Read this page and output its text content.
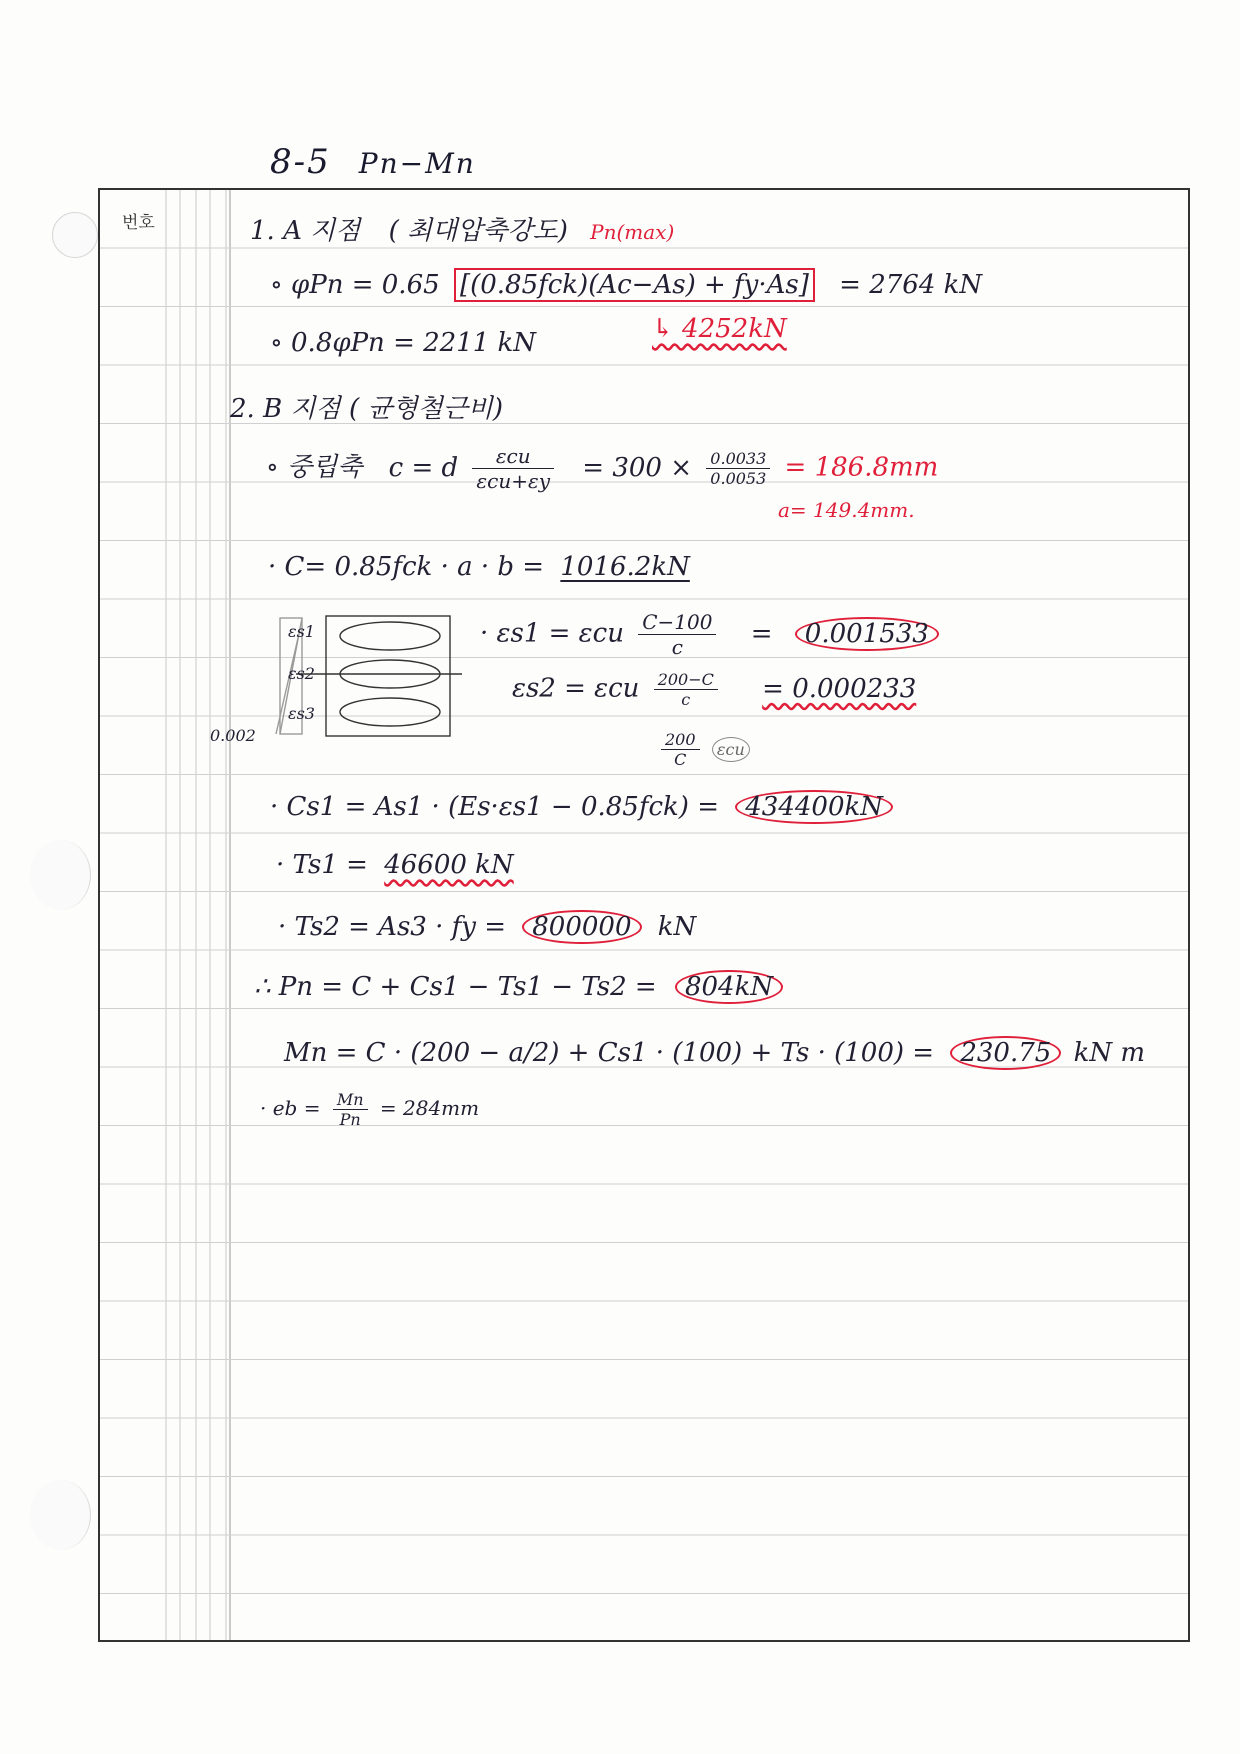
8-5 Pn−Mn
번호	1. A 지점 ( 최대압축강도) Pn(max)
∘ φPn = 0.65 [(0.85fck)(Ac−As) + fy·As] = 2764 kN
∘ 0.8φPn = 2211 kN	↳ 4252kN
2. B 지점 ( 균형철근비)
∘ 중립축 c = d $\frac{\text{εcu}}{\text{εcu+εy}} = 300 \times \frac{0.0033}{0.0053} = 186.8mm$
a= 149.4mm.
· C= 0.85fck · a · b = 1016.2kN
εs1
εs2
εs3
0.002
· εs1 = εcu $\frac{C-100}{c} = 0.001533$
εs2 = εcu $\frac{200-C}{c} = 0.000233$
$\frac{200}{C}$ εcu
· Cs1 = As1 · (Es·εs1 − 0.85fck) = 434400kN
· Ts1 = 46600 kN
· Ts2 = As3 · fy = 800000 kN
∴ Pn = C + Cs1 − Ts1 − Ts2 = 804kN
Mn = C · (200 − a/2) + Cs1 · (100) + Ts · (100) = 230.75 kN m
· eb = $\frac{Mn}{Pn} = 284mm$
